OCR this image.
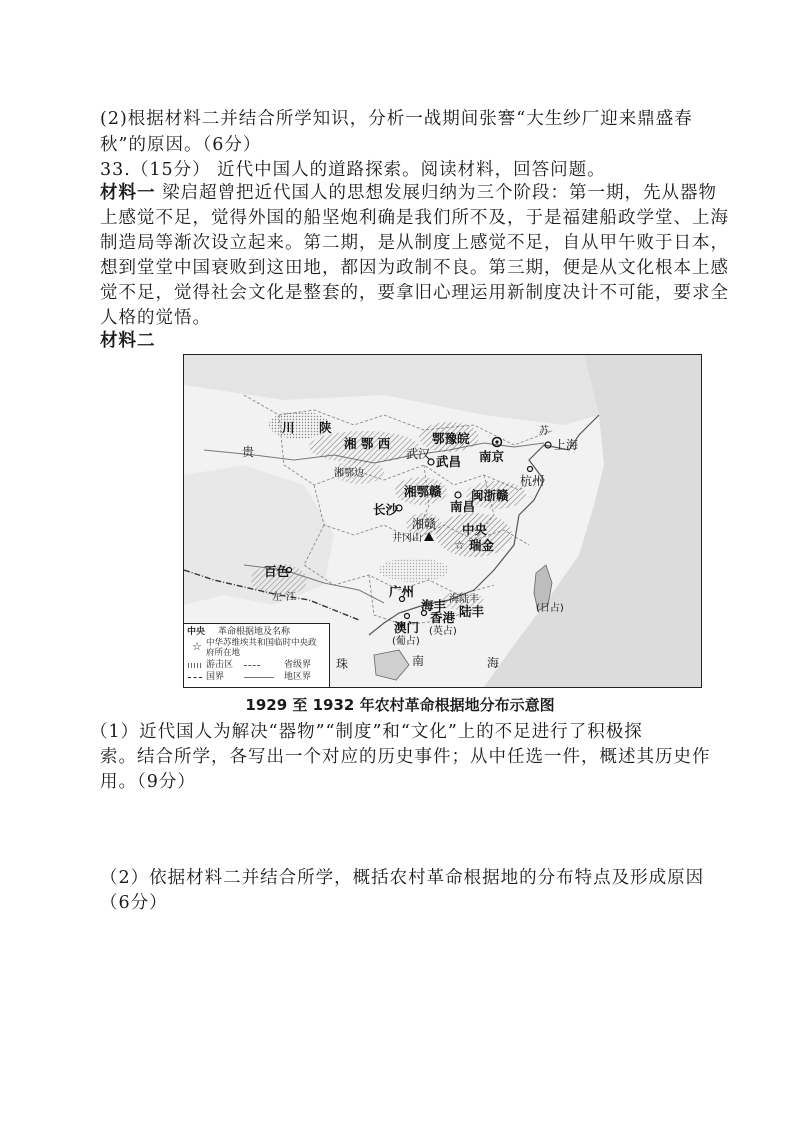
(2)根据材料二并结合所学知识，分析一战期间张謇“大生纱厂迎来鼎盛春
秋”的原因。（6分）
33.（15分） 近代中国人的道路探索。阅读材料，回答问题。
材料一 梁启超曾把近代国人的思想发展归纳为三个阶段：第一期，先从器物
上感觉不足，觉得外国的船坚炮利确是我们所不及，于是福建船政学堂、上海
制造局等渐次设立起来。第二期，是从制度上感觉不足，自从甲午败于日本，
想到堂堂中国衰败到这田地，都因为政制不良。第三期，便是从文化根本上感
觉不足，觉得社会文化是整套的，要拿旧心理运用新制度决计不可能，要求全
人格的觉悟。
材料二
☆
川 陕
贵
湘 鄂 西	鄂豫皖
南京
上海
苏
武汉 武昌
杭州
湘鄂边
湘鄂赣 闽浙赣
长沙	南昌
湘赣 中央
井冈山	瑞金
百色
左 江	广州
海陆丰
海丰 陆丰
香港
(英占)
澳门
(葡占)
(日占)
珠	南	海
中央 革命根据地及名称
☆ 中华苏维埃共和国临时中央政府所在地
游击区	省级界
国界	地区界
1929 至 1932 年农村革命根据地分布示意图
（1）近代国人为解决“器物”“制度”和“文化”上的不足进行了积极探
索。结合所学，各写出一个对应的历史事件；从中任选一件，概述其历史作
用。（9分）
（2）依据材料二并结合所学，概括农村革命根据地的分布特点及形成原因
（6分）
